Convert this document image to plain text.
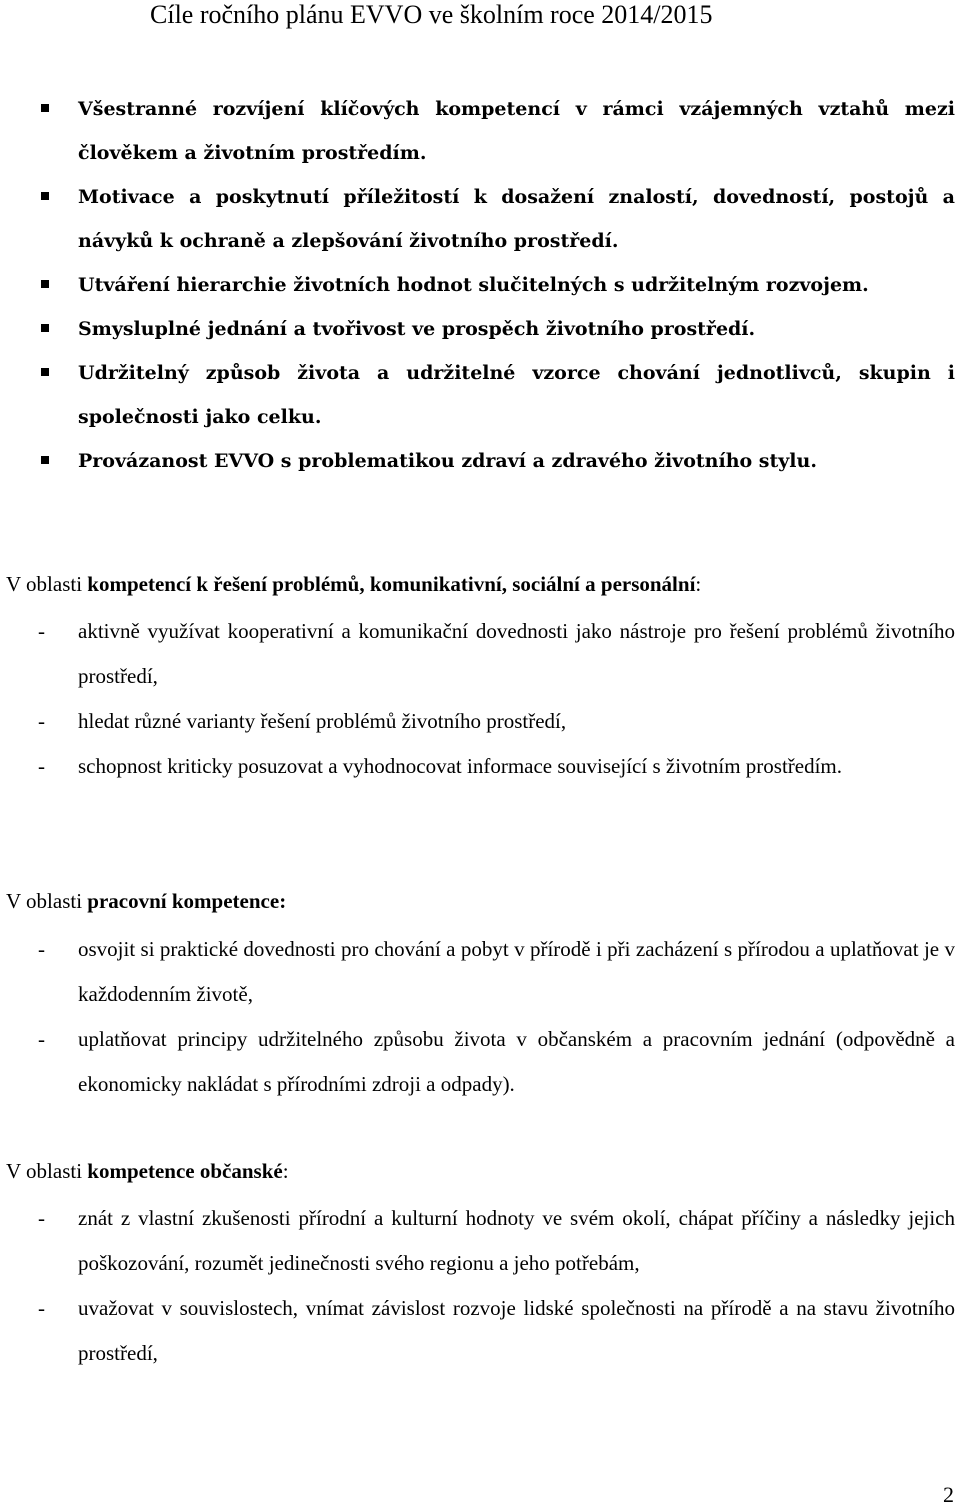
Cíle ročního plánu EVVO ve školním roce 2014/2015
Všestranné rozvíjení klíčových kompetencí v rámci vzájemných vztahů mezi člověkem a životním prostředím.
Motivace a poskytnutí příležitostí k dosažení znalostí, dovedností, postojů a návyků k ochraně a zlepšování životního prostředí.
Utváření hierarchie životních hodnot slučitelných s udržitelným rozvojem.
Smysluplné jednání a tvořivost ve prospěch životního prostředí.
Udržitelný způsob života a udržitelné vzorce chování jednotlivců, skupin i společnosti jako celku.
Provázanost EVVO s problematikou zdraví a zdravého životního stylu.
V oblasti kompetencí k řešení problémů, komunikativní, sociální a personální:
- aktivně využívat kooperativní a komunikační dovednosti jako nástroje pro řešení problémů životního prostředí,
- hledat různé varianty řešení problémů životního prostředí,
- schopnost kriticky posuzovat a vyhodnocovat informace související s životním prostředím.
V oblasti pracovní kompetence:
- osvojit si praktické dovednosti pro chování a pobyt v přírodě i při zacházení s přírodou a uplatňovat je v každodenním životě,
- uplatňovat principy udržitelného způsobu života v občanském a pracovním jednání (odpovědně a ekonomicky nakládat s přírodními zdroji a odpady).
V oblasti kompetence občanské:
- znát z vlastní zkušenosti přírodní a kulturní hodnoty ve svém okolí, chápat příčiny a následky jejich poškozování, rozumět jedinečnosti svého regionu a jeho potřebám,
- uvažovat v souvislostech, vnímat závislost rozvoje lidské společnosti na přírodě a na stavu životního prostředí,
2
